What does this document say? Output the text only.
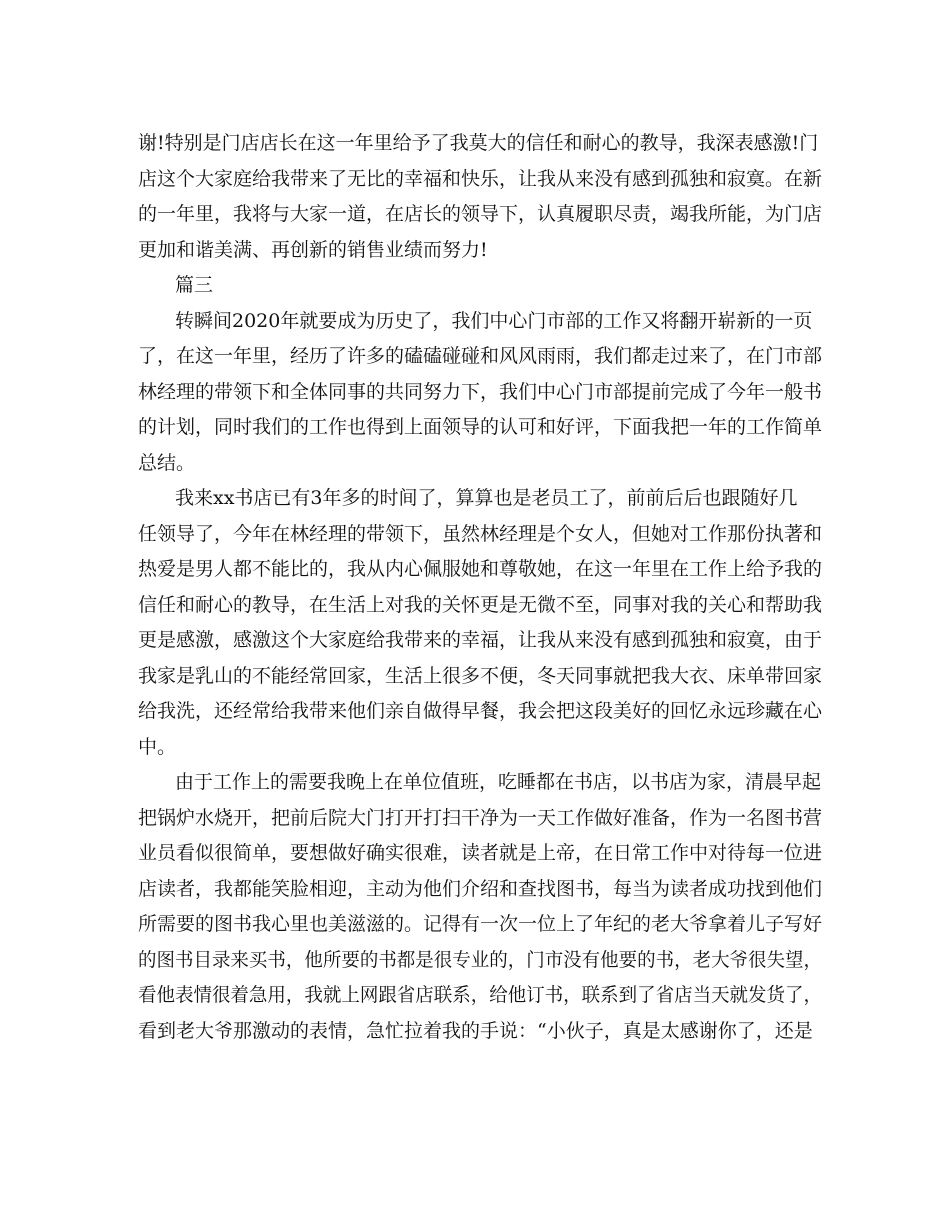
谢!特别是门店店长在这一年里给予了我莫大的信任和耐心的教导，我深表感激!门
店这个大家庭给我带来了无比的幸福和快乐，让我从来没有感到孤独和寂寞。在新
的一年里，我将与大家一道，在店长的领导下，认真履职尽责，竭我所能，为门店
更加和谐美满、再创新的销售业绩而努力!
篇三
转瞬间2020年就要成为历史了，我们中心门市部的工作又将翻开崭新的一页
了，在这一年里，经历了许多的磕磕碰碰和风风雨雨，我们都走过来了，在门市部
林经理的带领下和全体同事的共同努力下，我们中心门市部提前完成了今年一般书
的计划，同时我们的工作也得到上面领导的认可和好评，下面我把一年的工作简单
总结。
我来xx书店已有3年多的时间了，算算也是老员工了，前前后后也跟随好几
任领导了，今年在林经理的带领下，虽然林经理是个女人，但她对工作那份执著和
热爱是男人都不能比的，我从内心佩服她和尊敬她，在这一年里在工作上给予我的
信任和耐心的教导，在生活上对我的关怀更是无微不至，同事对我的关心和帮助我
更是感激，感激这个大家庭给我带来的幸福，让我从来没有感到孤独和寂寞，由于
我家是乳山的不能经常回家，生活上很多不便，冬天同事就把我大衣、床单带回家
给我洗，还经常给我带来他们亲自做得早餐，我会把这段美好的回忆永远珍藏在心
中。
由于工作上的需要我晚上在单位值班，吃睡都在书店，以书店为家，清晨早起
把锅炉水烧开，把前后院大门打开打扫干净为一天工作做好准备，作为一名图书营
业员看似很简单，要想做好确实很难，读者就是上帝，在日常工作中对待每一位进
店读者，我都能笑脸相迎，主动为他们介绍和查找图书，每当为读者成功找到他们
所需要的图书我心里也美滋滋的。记得有一次一位上了年纪的老大爷拿着儿子写好
的图书目录来买书，他所要的书都是很专业的，门市没有他要的书，老大爷很失望，
看他表情很着急用，我就上网跟省店联系，给他订书，联系到了省店当天就发货了，
看到老大爷那激动的表情，急忙拉着我的手说：“小伙子，真是太感谢你了，还是
